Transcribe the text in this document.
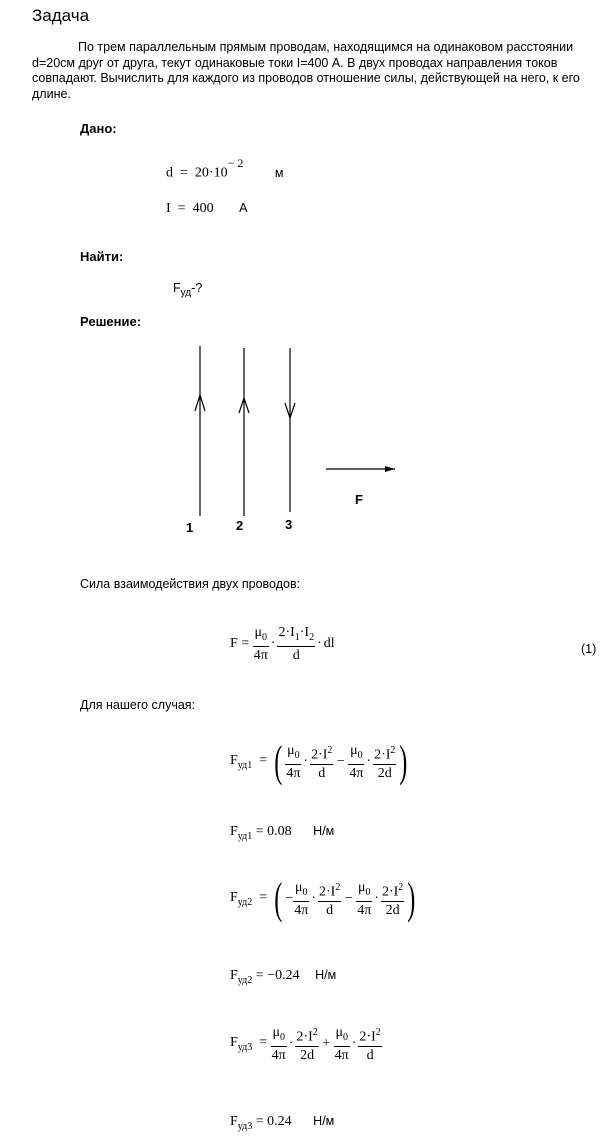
Задача
По трем параллельным прямым проводам, находящимся на одинаковом расстоянии d=20см друг от друга, текут одинаковые токи I=400 А. В двух проводах направления токов совпадают. Вычислить для каждого из проводов отношение силы, действующей на него, к его длине.
Дано:
$d = 20\cdot 10^{- 2}$ м
I  =  400 А
Найти:
$F_{уд}-$?
Решение:
1	2	3
F
Сила взаимодействия двух проводов:
$F = \frac{\mu_0}{4\pi} \cdot \frac{2\cdot I_1\cdot I_2}{d}$ · dl	(1)
Для нашего случая:
$F_{уд1}$  = ( $\frac{\mu_0}{4\pi} \cdot \frac{2\cdot I^2}{d} - \frac{\mu_0}{4\pi} \cdot \frac{2\cdot I^2}{2d}$ )
$F_{уд1} = 0.08$ Н/м
$F_{уд2}$  = ( − $\frac{\mu_0}{4\pi} \cdot \frac{2\cdot I^2}{d} - \frac{\mu_0}{4\pi} \cdot \frac{2\cdot I^2}{2d}$ )
$F_{уд2} = -0.24$ Н/м
$F_{уд3} = \frac{\mu_0}{4\pi} \cdot \frac{2\cdot I^2}{2d} + \frac{\mu_0}{4\pi} \cdot \frac{2\cdot I^2}{d}$
$F_{уд3} = 0.24$ Н/м
